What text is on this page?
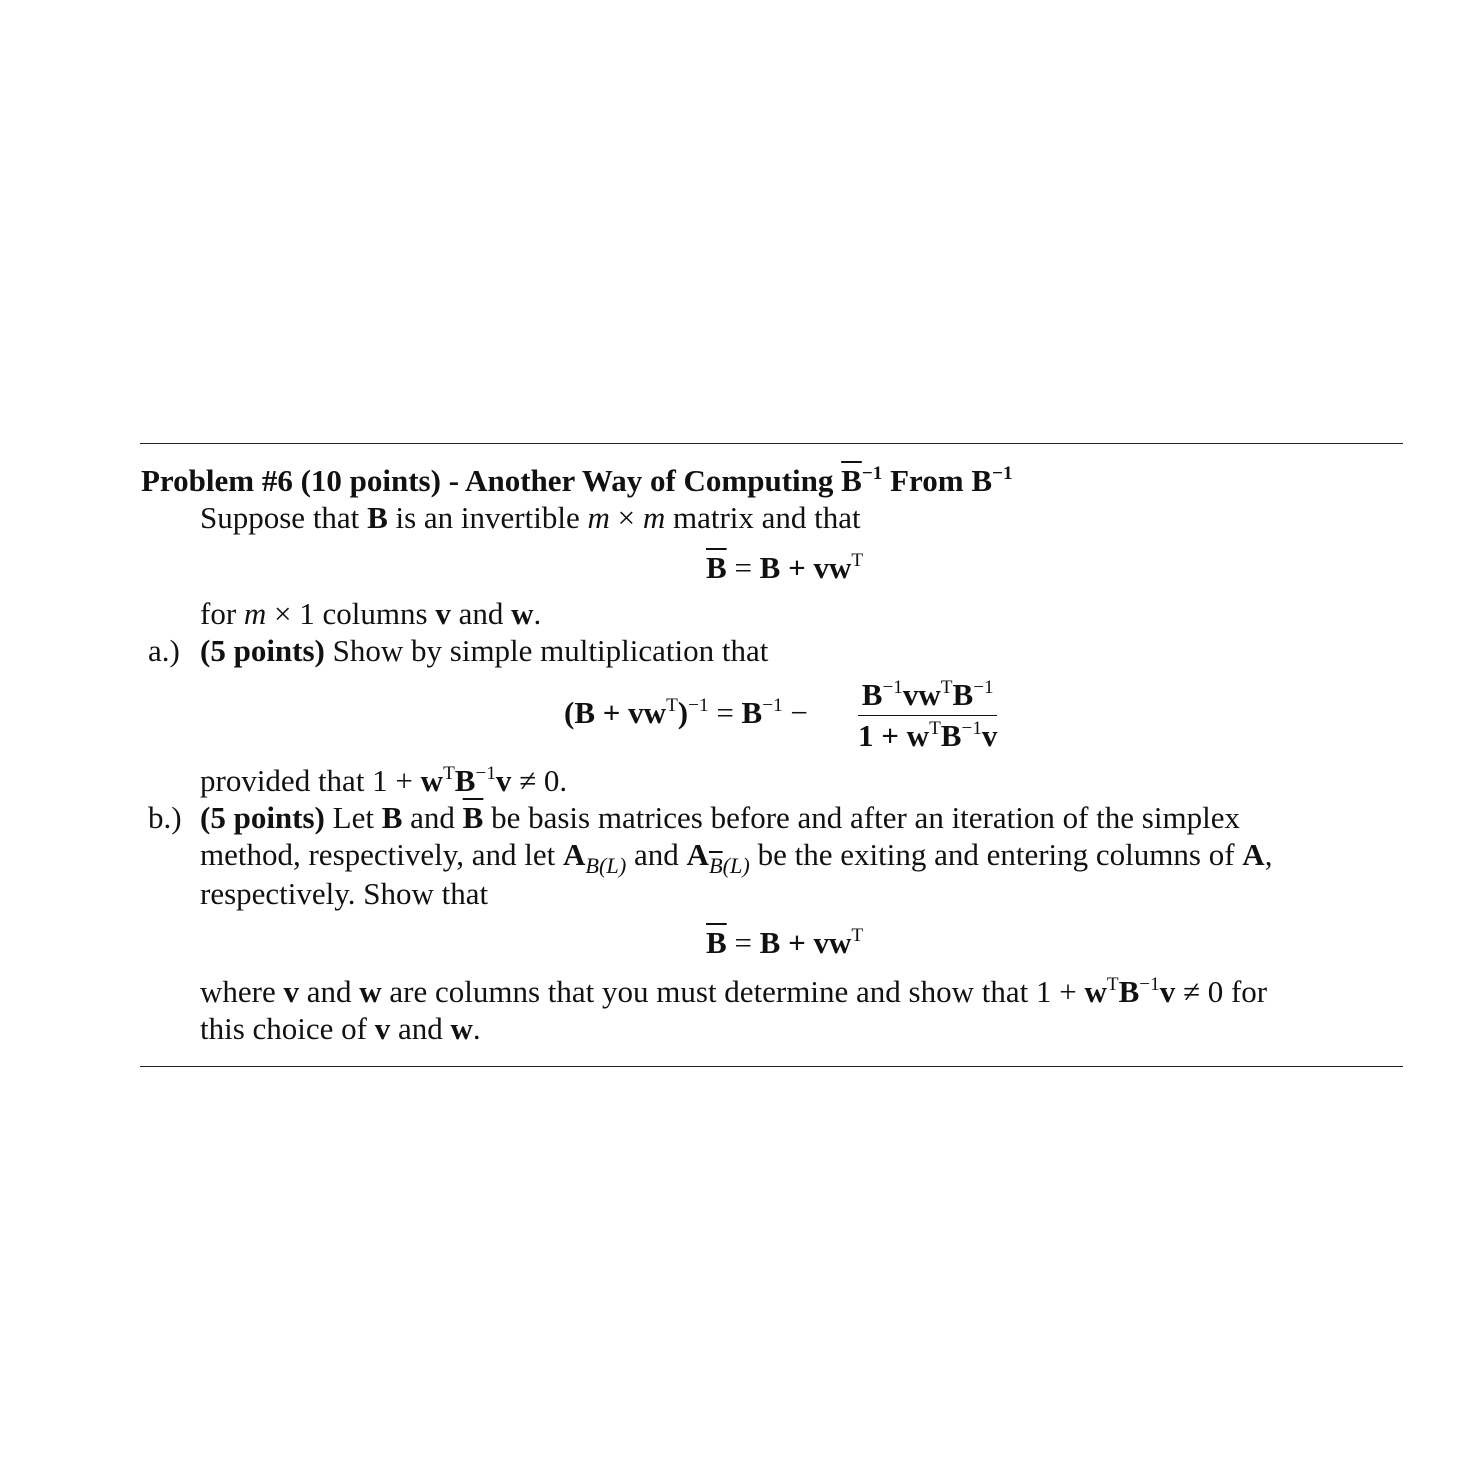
Problem #6 (10 points) - Another Way of Computing $\overline{B}^{-1}$ From $B^{-1}$
Suppose that B is an invertible m × m matrix and that
$\overline{B} = B + vw^T$
for m × 1 columns v and w.
a.) (5 points) Show by simple multiplication that
$(B + vw^T)^{-1} = B^{-1}$ −
$B^{-1}vw^TB^{-1}$
$1 + w^TB^{-1}v$
provided that $1 + w^TB^{-1}v \ne 0$.
b.) (5 points) Let B and $\overline{B}$ be basis matrices before and after an iteration of the simplex
method, respectively, and let $A_{B(L)}$ and $A_{\overline{B}(L)}$ be the exiting and entering columns of A,
respectively. Show that
$\overline{B} = B + vw^T$
where v and w are columns that you must determine and show that $1 + w^TB^{-1}v \ne 0$ for
this choice of v and w.
